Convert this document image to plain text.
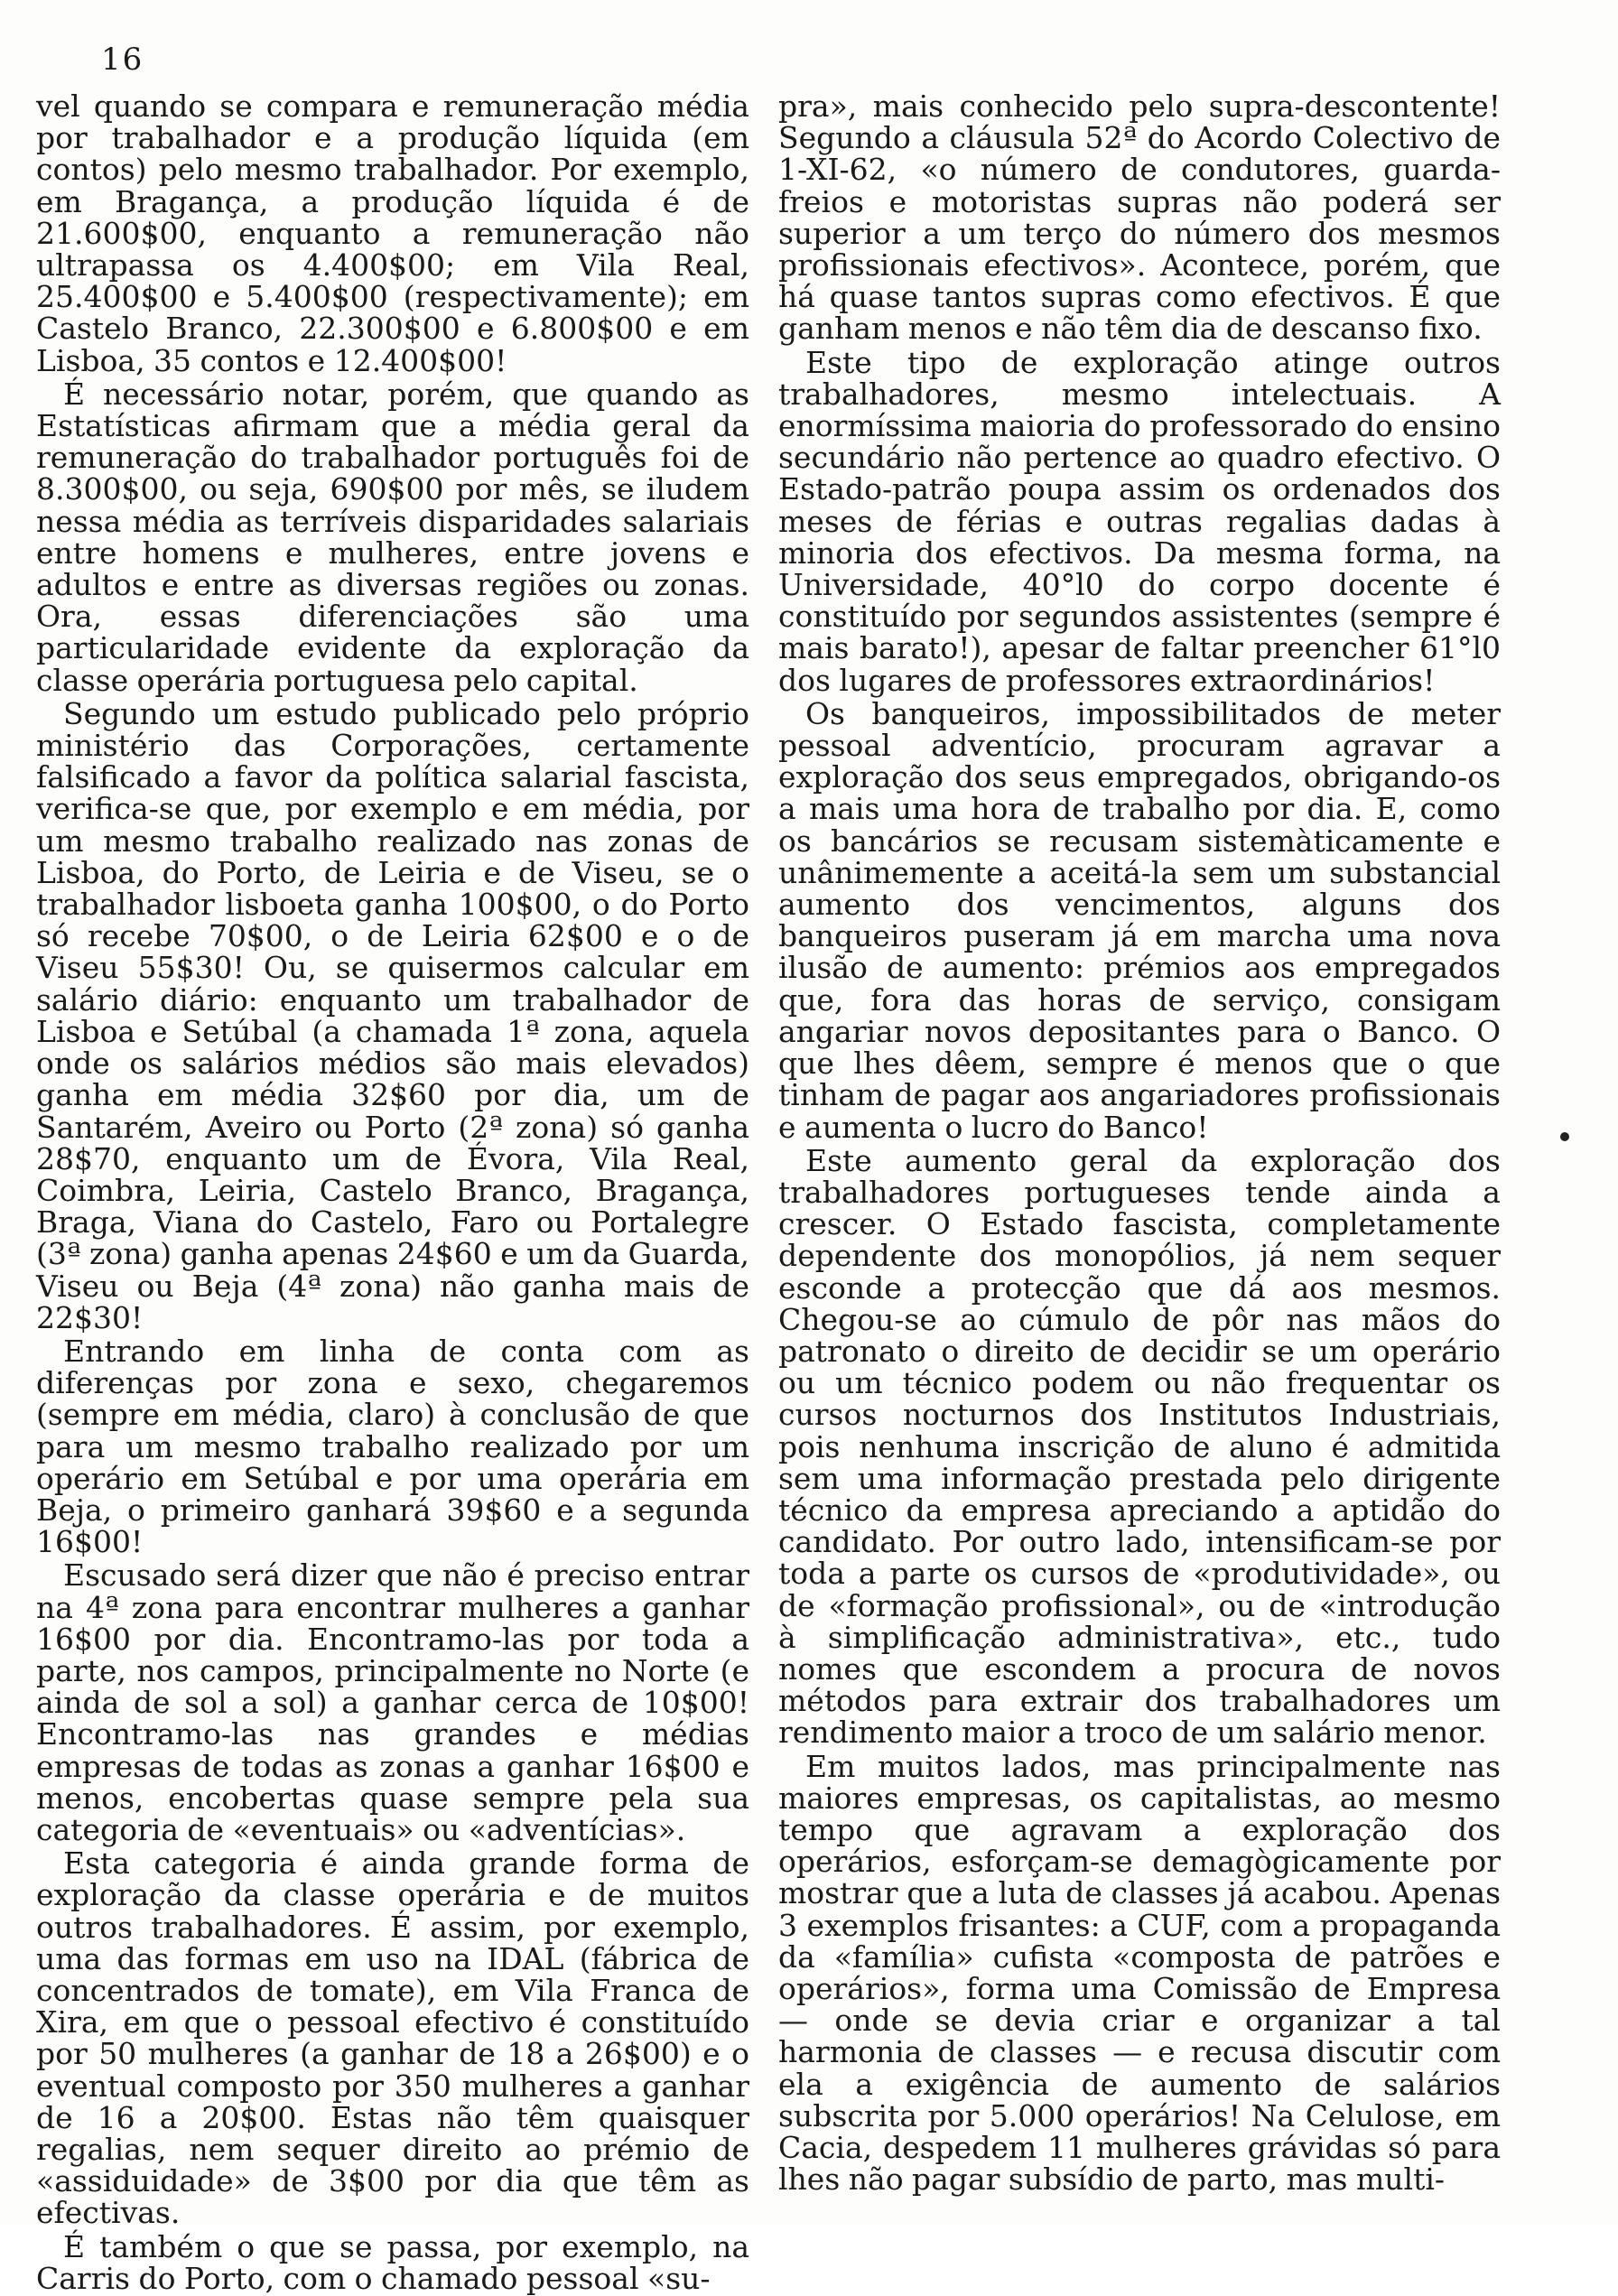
16

vel quando se compara e remuneração média por trabalhador e a produção líquida (em contos) pelo mesmo trabalhador. Por exemplo, em Bragança, a produção líquida é de 21.600$00, enquanto a remuneração não ultrapassa os 4.400$00; em Vila Real, 25.400$00 e 5.400$00 (respectivamente); em Castelo Branco, 22.300$00 e 6.800$00 e em Lisboa, 35 contos e 12.400$00!

É necessário notar, porém, que quando as Estatísticas afirmam que a média geral da remuneração do trabalhador português foi de 8.300$00, ou seja, 690$00 por mês, se iludem nessa média as terríveis disparidades salariais entre homens e mulheres, entre jovens e adultos e entre as diversas regiões ou zonas. Ora, essas diferenciações são uma particularidade evidente da exploração da classe operária portuguesa pelo capital.

Segundo um estudo publicado pelo próprio ministério das Corporações, certamente falsificado a favor da política salarial fascista, verifica-se que, por exemplo e em média, por um mesmo trabalho realizado nas zonas de Lisboa, do Porto, de Leiria e de Viseu, se o trabalhador lisboeta ganha 100$00, o do Porto só recebe 70$00, o de Leiria 62$00 e o de Viseu 55$30! Ou, se quisermos calcular em salário diário: enquanto um trabalhador de Lisboa e Setúbal (a chamada 1ª zona, aquela onde os salários médios são mais elevados) ganha em média 32$60 por dia, um de Santarém, Aveiro ou Porto (2ª zona) só ganha 28$70, enquanto um de Évora, Vila Real, Coimbra, Leiria, Castelo Branco, Bragança, Braga, Viana do Castelo, Faro ou Portalegre (3ª zona) ganha apenas 24$60 e um da Guarda, Viseu ou Beja (4ª zona) não ganha mais de 22$30!

Entrando em linha de conta com as diferenças por zona e sexo, chegaremos (sempre em média, claro) à conclusão de que para um mesmo trabalho realizado por um operário em Setúbal e por uma operária em Beja, o primeiro ganhará 39$60 e a segunda 16$00!

Escusado será dizer que não é preciso entrar na 4ª zona para encontrar mulheres a ganhar 16$00 por dia. Encontramo-las por toda a parte, nos campos, principalmente no Norte (e ainda de sol a sol) a ganhar cerca de 10$00! Encontramo-las nas grandes e médias empresas de todas as zonas a ganhar 16$00 e menos, encobertas quase sempre pela sua categoria de «eventuais» ou «adventícias».

Esta categoria é ainda grande forma de exploração da classe operária e de muitos outros trabalhadores. É assim, por exemplo, uma das formas em uso na IDAL (fábrica de concentrados de tomate), em Vila Franca de Xira, em que o pessoal efectivo é constituído por 50 mulheres (a ganhar de 18 a 26$00) e o eventual composto por 350 mulheres a ganhar de 16 a 20$00. Estas não têm quaisquer regalias, nem sequer direito ao prémio de «assiduidade» de 3$00 por dia que têm as efectivas.

É também o que se passa, por exemplo, na Carris do Porto, com o chamado pessoal «su-

pra», mais conhecido pelo supra-descontente! Segundo a cláusula 52ª do Acordo Colectivo de 1-XI-62, «o número de condutores, guarda-freios e motoristas supras não poderá ser superior a um terço do número dos mesmos profissionais efectivos». Acontece, porém, que há quase tantos supras como efectivos. É que ganham menos e não têm dia de descanso fixo.

Este tipo de exploração atinge outros trabalhadores, mesmo intelectuais. A enormíssima maioria do professorado do ensino secundário não pertence ao quadro efectivo. O Estado-patrão poupa assim os ordenados dos meses de férias e outras regalias dadas à minoria dos efectivos. Da mesma forma, na Universidade, 40°l0 do corpo docente é constituído por segundos assistentes (sempre é mais barato!), apesar de faltar preencher 61°l0 dos lugares de professores extraordinários!

Os banqueiros, impossibilitados de meter pessoal adventício, procuram agravar a exploração dos seus empregados, obrigando-os a mais uma hora de trabalho por dia. E, como os bancários se recusam sistemàticamente e unânimemente a aceitá-la sem um substancial aumento dos vencimentos, alguns dos banqueiros puseram já em marcha uma nova ilusão de aumento: prémios aos empregados que, fora das horas de serviço, consigam angariar novos depositantes para o Banco. O que lhes dêem, sempre é menos que o que tinham de pagar aos angariadores profissionais e aumenta o lucro do Banco!

Este aumento geral da exploração dos trabalhadores portugueses tende ainda a crescer. O Estado fascista, completamente dependente dos monopólios, já nem sequer esconde a protecção que dá aos mesmos. Chegou-se ao cúmulo de pôr nas mãos do patronato o direito de decidir se um operário ou um técnico podem ou não frequentar os cursos nocturnos dos Institutos Industriais, pois nenhuma inscrição de aluno é admitida sem uma informação prestada pelo dirigente técnico da empresa apreciando a aptidão do candidato. Por outro lado, intensificam-se por toda a parte os cursos de «produtividade», ou de «formação profissional», ou de «introdução à simplificação administrativa», etc., tudo nomes que escondem a procura de novos métodos para extrair dos trabalhadores um rendimento maior a troco de um salário menor.

Em muitos lados, mas principalmente nas maiores empresas, os capitalistas, ao mesmo tempo que agravam a exploração dos operários, esforçam-se demagògicamente por mostrar que a luta de classes já acabou. Apenas 3 exemplos frisantes: a CUF, com a propaganda da «família» cufista «composta de patrões e operários», forma uma Comissão de Empresa — onde se devia criar e organizar a tal harmonia de classes — e recusa discutir com ela a exigência de aumento de salários subscrita por 5.000 operários! Na Celulose, em Cacia, despedem 11 mulheres grávidas só para lhes não pagar subsídio de parto, mas multi-
